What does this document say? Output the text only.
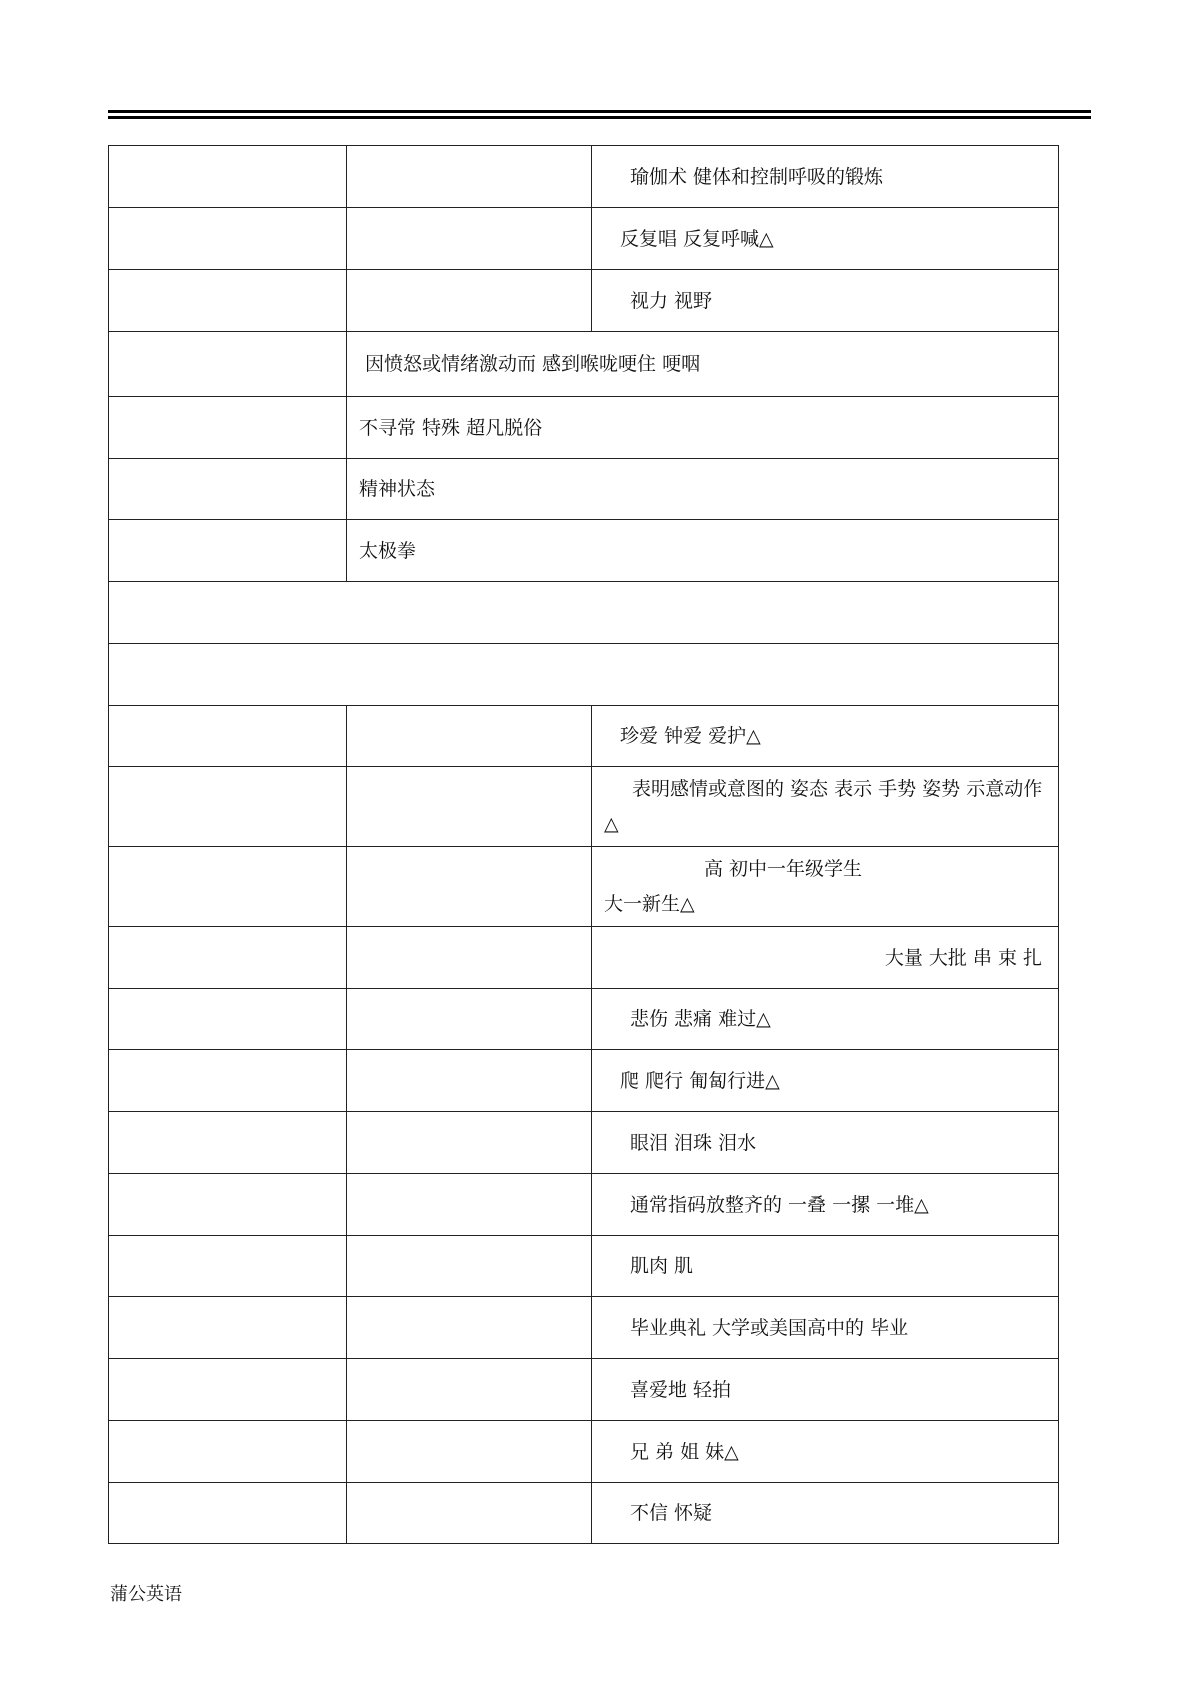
		瑜伽术 健体和控制呼吸的锻炼
		反复唱 反复呼喊△
		视力 视野
	因愤怒或情绪激动而 感到喉咙哽住 哽咽	
	不寻常 特殊 超凡脱俗	
	精神状态	
	太极拳	

		珍爱 钟爱 爱护△
		表明感情或意图的 姿态 表示 手势 姿势 示意动作△

		高 初中一年级学生
大一新生△

		大量 大批 串 束 扎
		悲伤 悲痛 难过△
		爬 爬行 匍匐行进△
		眼泪 泪珠 泪水
		通常指码放整齐的 一叠 一摞 一堆△
		肌肉 肌
		毕业典礼 大学或美国高中的 毕业
		喜爱地 轻拍
		兄 弟 姐 妹△
		不信 怀疑
蒲公英语
